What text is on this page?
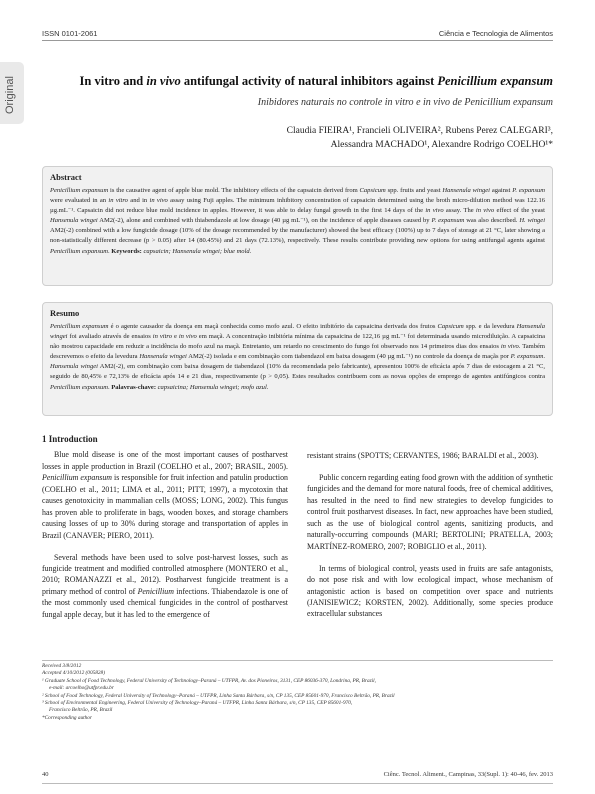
ISSN 0101-2061	Ciência e Tecnologia de Alimentos
Original	In vitro and in vivo antifungal activity of natural inhibitors against Penicillium expansum
Inibidores naturais no controle in vitro e in vivo de Penicillium expansum
Claudia FIEIRA¹, Francieli OLIVEIRA², Rubens Perez CALEGARI³,
Alessandra MACHADO¹, Alexandre Rodrigo COELHO¹*
Abstract

Penicillium expansum is the causative agent of apple blue mold. The inhibitory effects of the capsaicin derived from Capsicum spp. fruits and yeast Hansenula wingei against P. expansum were evaluated in an in vitro and in in vivo assay using Fuji apples. The minimum inhibitory concentration of capsaicin determined using the broth micro-dilution method was 122.16 µg.mL⁻¹. Capsaicin did not reduce blue mold incidence in apples. However, it was able to delay fungal growth in the first 14 days of the in vivo assay. The in vivo effect of the yeast Hansenula wingei AM2(-2), alone and combined with thiabendazole at low dosage (40 µg mL⁻¹), on the incidence of apple diseases caused by P. expansum was also described. H. wingei AM2(-2) combined with a low fungicide dosage (10% of the dosage recommended by the manufacturer) showed the best efficacy (100%) up to 7 days of storage at 21 °C, later showing a non-statistically different decrease (p > 0.05) after 14 (80.45%) and 21 days (72.13%), respectively. These results contribute providing new options for using antifungal agents against Penicillium expansum. Keywords: capsaicin; Hansenula wingei; blue mold.

Resumo

Penicillium expansum é o agente causador da doença em maçã conhecida como mofo azul. O efeito inibitório da capsaicina derivada dos frutos Capsicum spp. e da levedura Hansenula wingei foi avaliado através de ensaios in vitro e in vivo em maçã. A concentração inibitória mínima da capsaicina de 122,16 µg mL⁻¹ foi determinada usando microdiluição. A capsaicina não mostrou capacidade em reduzir a incidência do mofo azul na maçã. Entretanto, um retardo no crescimento do fungo foi observado nos 14 primeiros dias dos ensaios in vivo. Também descrevemos o efeito da levedura Hansenula wingei AM2(-2) isolada e em combinação com tiabendazol em baixa dosagem (40 µg mL⁻¹) no controle da doença de maçãs por P. expansum. Hansenula wingei AM2(-2), em combinação com baixa dosagem de tiabendazol (10% da recomendada pelo fabricante), apresentou 100% de eficácia após 7 dias de estocagem a 21 °C, seguido de 80,45% e 72,13% de eficácia após 14 e 21 dias, respectivamente (p > 0,05). Estes resultados contribuem com as novas opções de emprego de agentes antifúngicos contra Penicillium expansum. Palavras-chave: capsaicina; Hansenula wingei; mofo azul.

1 Introduction

Blue mold disease is one of the most important causes of postharvest losses in apple production in Brazil (COELHO et al., 2007; BRASIL, 2005). Penicillium expansum is responsible for fruit infection and patulin production (COELHO et al., 2011; LIMA et al., 2011; PITT, 1997), a mycotoxin that causes genotoxicity in mammalian cells (MOSS; LONG, 2002). This fungus has proven able to proliferate in bags, wooden boxes, and storage chambers causing losses of up to 30% during storage and transportation of apples in Brazil (CANAVER; PIERO, 2011).

Several methods have been used to solve post-harvest losses, such as fungicide treatment and modified controlled atmosphere (MONTERO et al., 2010; ROMANAZZI et al., 2012). Postharvest fungicide treatment is a primary method of control of Penicillium infections. Thiabendazole is one of the most commonly used chemical fungicides in the control of postharvest fungal apple decay, but it has led to the emergence of

resistant strains (SPOTTS; CERVANTES, 1986; BARALDI et al., 2003).

Public concern regarding eating food grown with the addition of synthetic fungicides and the demand for more natural foods, free of chemical additives, has resulted in the need to find new strategies to develop fungicides to control fruit postharvest diseases. In fact, new approaches have been studied, such as the use of biological control agents, sanitizing products, and naturally-occurring compounds (MARI; BERTOLINI; PRATELLA, 2003; MARTÍNEZ-ROMERO, 2007; ROBIGLIO et al., 2011).

In terms of biological control, yeasts used in fruits are safe antagonists, do not pose risk and with low ecological impact, whose mechanism of antagonistic action is based on competition over space and nutrients (JANISIEWICZ; KORSTEN, 2002). Additionally, some species produce extracellular substances

Received 3/8/2012
Accepted 4/10/2012 (005828)
¹ Graduate School of Food Technology, Federal University of Technology–Paraná – UTFPR, Av. dos Pioneiros, 3131, CEP 86036-370, Londrina, PR, Brazil,
e-mail: arcoelho@utfpr.edu.br
² School of Food Technology, Federal University of Technology–Paraná – UTFPR, Linha Santa Bárbara, s/n, CP 135, CEP 85601-970, Francisco Beltrão, PR, Brazil
³ School of Environmental Engineering, Federal University of Technology–Paraná – UTFPR, Linha Santa Bárbara, s/n, CP 135, CEP 85601-970,
Francisco Beltrão, PR, Brazil
*Corresponding author
40	Ciênc. Tecnol. Aliment., Campinas, 33(Supl. 1): 40-46, fev. 2013
